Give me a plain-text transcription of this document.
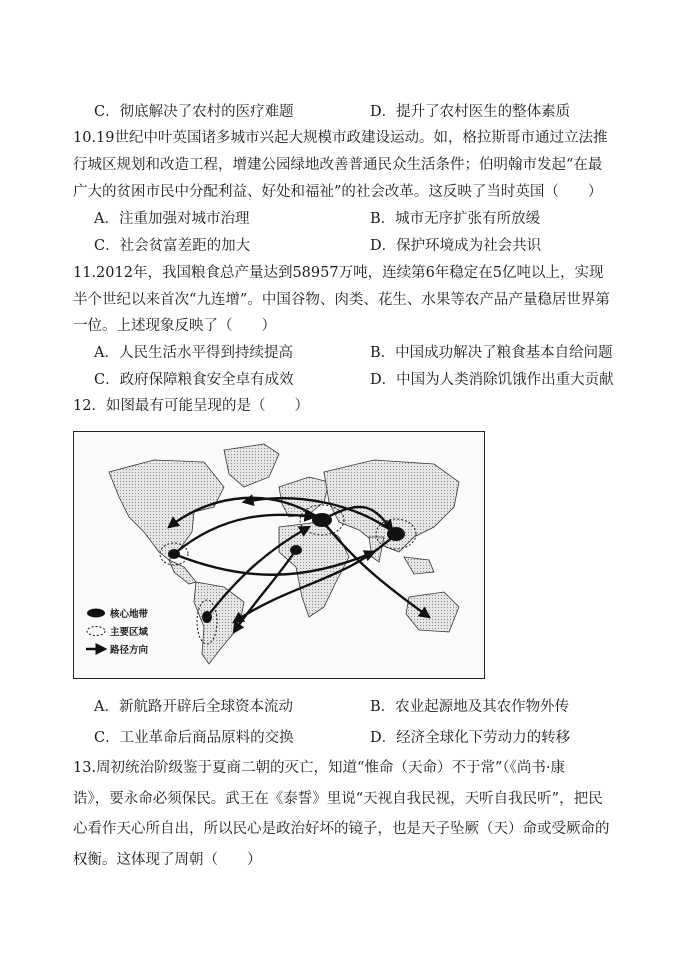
C．彻底解决了农村的医疗难题	D．提升了农村医生的整体素质
10.19世纪中叶英国诸多城市兴起大规模市政建设运动。如，格拉斯哥市通过立法推
行城区规划和改造工程，增建公园绿地改善普通民众生活条件；伯明翰市发起“在最
广大的贫困市民中分配利益、好处和福祉”的社会改革。这反映了当时英国（　　）
A．注重加强对城市治理	B．城市无序扩张有所放缓
C．社会贫富差距的加大	D．保护环境成为社会共识
11.2012年，我国粮食总产量达到58957万吨，连续第6年稳定在5亿吨以上，实现
半个世纪以来首次“九连增”。中国谷物、肉类、花生、水果等农产品产量稳居世界第
一位。上述现象反映了（　　）
A．人民生活水平得到持续提高	B．中国成功解决了粮食基本自给问题
C．政府保障粮食安全卓有成效	D．中国为人类消除饥饿作出重大贡献
12．如图最有可能呈现的是（　　）
核心地带
主要区域
路径方向
A．新航路开辟后全球资本流动	B．农业起源地及其农作物外传
C．工业革命后商品原料的交换	D．经济全球化下劳动力的转移
13.周初统治阶级鉴于夏商二朝的灭亡，知道“惟命（天命）不于常”（《尚书·康
诰》，要永命必须保民。武王在《泰誓》里说“天视自我民视，天听自我民听”，把民
心看作天心所自出，所以民心是政治好坏的镜子，也是天子坠厥（天）命或受厥命的
权衡。这体现了周朝（　　）
